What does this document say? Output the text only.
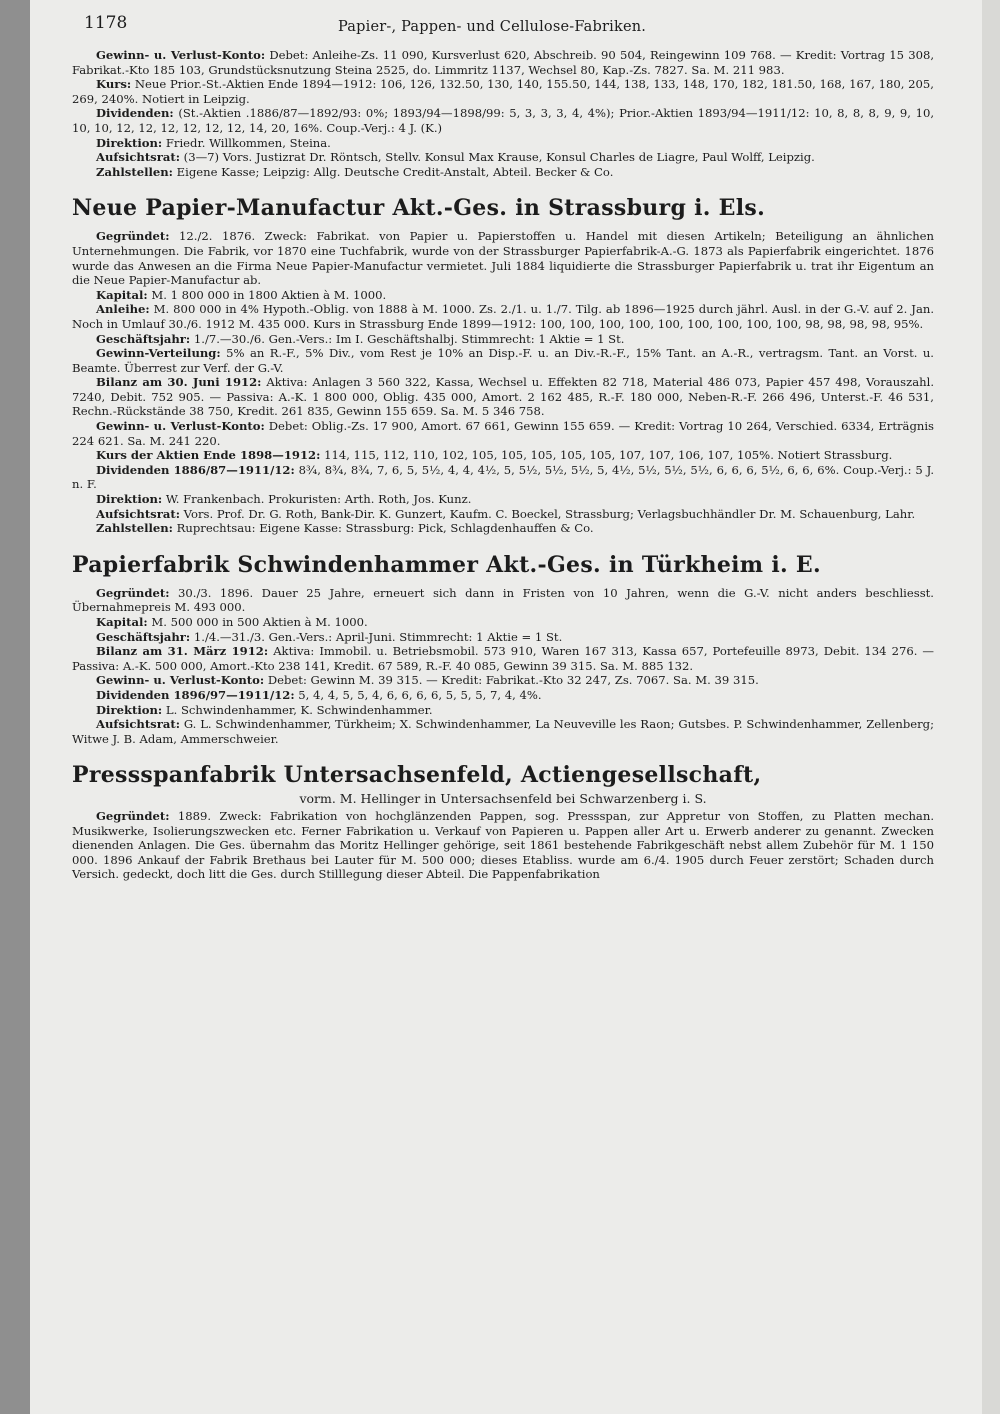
1178	Papier-, Pappen- und Cellulose-Fabriken.

Gewinn- u. Verlust-Konto: Debet: Anleihe-Zs. 11 090, Kursverlust 620, Abschreib. 90 504, Reingewinn 109 768. — Kredit: Vortrag 15 308, Fabrikat.-Kto 185 103, Grundstücksnutzung Steina 2525, do. Limmritz 1137, Wechsel 80, Kap.-Zs. 7827. Sa. M. 211 983.

Kurs: Neue Prior.-St.-Aktien Ende 1894—1912: 106, 126, 132.50, 130, 140, 155.50, 144, 138, 133, 148, 170, 182, 181.50, 168, 167, 180, 205, 269, 240%. Notiert in Leipzig.

Dividenden: (St.-Aktien .1886/87—1892/93: 0%; 1893/94—1898/99: 5, 3, 3, 3, 4, 4%); Prior.-Aktien 1893/94—1911/12: 10, 8, 8, 8, 9, 9, 10, 10, 10, 12, 12, 12, 12, 12, 12, 14, 20, 16%. Coup.-Verj.: 4 J. (K.)

Direktion: Friedr. Willkommen, Steina.

Aufsichtsrat: (3—7) Vors. Justizrat Dr. Röntsch, Stellv. Konsul Max Krause, Konsul Charles de Liagre, Paul Wolff, Leipzig.

Zahlstellen: Eigene Kasse; Leipzig: Allg. Deutsche Credit-Anstalt, Abteil. Becker & Co.

Neue Papier-Manufactur Akt.-Ges. in Strassburg i. Els.

Gegründet: 12./2. 1876. Zweck: Fabrikat. von Papier u. Papierstoffen u. Handel mit diesen Artikeln; Beteiligung an ähnlichen Unternehmungen. Die Fabrik, vor 1870 eine Tuchfabrik, wurde von der Strassburger Papierfabrik-A.-G. 1873 als Papierfabrik eingerichtet. 1876 wurde das Anwesen an die Firma Neue Papier-Manufactur vermietet. Juli 1884 liquidierte die Strassburger Papierfabrik u. trat ihr Eigentum an die Neue Papier-Manufactur ab.

Kapital: M. 1 800 000 in 1800 Aktien à M. 1000.

Anleihe: M. 800 000 in 4% Hypoth.-Oblig. von 1888 à M. 1000. Zs. 2./1. u. 1./7. Tilg. ab 1896—1925 durch jährl. Ausl. in der G.-V. auf 2. Jan. Noch in Umlauf 30./6. 1912 M. 435 000. Kurs in Strassburg Ende 1899—1912: 100, 100, 100, 100, 100, 100, 100, 100, 100, 98, 98, 98, 98, 95%.

Geschäftsjahr: 1./7.—30./6. Gen.-Vers.: Im I. Geschäftshalbj. Stimmrecht: 1 Aktie = 1 St.

Gewinn-Verteilung: 5% an R.-F., 5% Div., vom Rest je 10% an Disp.-F. u. an Div.-R.-F., 15% Tant. an A.-R., vertragsm. Tant. an Vorst. u. Beamte. Überrest zur Verf. der G.-V.

Bilanz am 30. Juni 1912: Aktiva: Anlagen 3 560 322, Kassa, Wechsel u. Effekten 82 718, Material 486 073, Papier 457 498, Vorauszahl. 7240, Debit. 752 905. — Passiva: A.-K. 1 800 000, Oblig. 435 000, Amort. 2 162 485, R.-F. 180 000, Neben-R.-F. 266 496, Unterst.-F. 46 531, Rechn.-Rückstände 38 750, Kredit. 261 835, Gewinn 155 659. Sa. M. 5 346 758.

Gewinn- u. Verlust-Konto: Debet: Oblig.-Zs. 17 900, Amort. 67 661, Gewinn 155 659. — Kredit: Vortrag 10 264, Verschied. 6334, Erträgnis 224 621. Sa. M. 241 220.

Kurs der Aktien Ende 1898—1912: 114, 115, 112, 110, 102, 105, 105, 105, 105, 105, 107, 107, 106, 107, 105%. Notiert Strassburg.

Dividenden 1886/87—1911/12: 8¾, 8¾, 8¾, 7, 6, 5, 5½, 4, 4, 4½, 5, 5½, 5½, 5½, 5, 4½, 5½, 5½, 5½, 6, 6, 6, 5½, 6, 6, 6%. Coup.-Verj.: 5 J. n. F.

Direktion: W. Frankenbach. Prokuristen: Arth. Roth, Jos. Kunz.

Aufsichtsrat: Vors. Prof. Dr. G. Roth, Bank-Dir. K. Gunzert, Kaufm. C. Boeckel, Strassburg; Verlagsbuchhändler Dr. M. Schauenburg, Lahr.

Zahlstellen: Ruprechtsau: Eigene Kasse: Strassburg: Pick, Schlagdenhauffen & Co.

Papierfabrik Schwindenhammer Akt.-Ges. in Türkheim i. E.

Gegründet: 30./3. 1896. Dauer 25 Jahre, erneuert sich dann in Fristen von 10 Jahren, wenn die G.-V. nicht anders beschliesst. Übernahmepreis M. 493 000.

Kapital: M. 500 000 in 500 Aktien à M. 1000.

Geschäftsjahr: 1./4.—31./3. Gen.-Vers.: April-Juni. Stimmrecht: 1 Aktie = 1 St.

Bilanz am 31. März 1912: Aktiva: Immobil. u. Betriebsmobil. 573 910, Waren 167 313, Kassa 657, Portefeuille 8973, Debit. 134 276. — Passiva: A.-K. 500 000, Amort.-Kto 238 141, Kredit. 67 589, R.-F. 40 085, Gewinn 39 315. Sa. M. 885 132.

Gewinn- u. Verlust-Konto: Debet: Gewinn M. 39 315. — Kredit: Fabrikat.-Kto 32 247, Zs. 7067. Sa. M. 39 315.

Dividenden 1896/97—1911/12: 5, 4, 4, 5, 5, 4, 6, 6, 6, 6, 5, 5, 5, 7, 4, 4%.

Direktion: L. Schwindenhammer, K. Schwindenhammer.

Aufsichtsrat: G. L. Schwindenhammer, Türkheim; X. Schwindenhammer, La Neuveville les Raon; Gutsbes. P. Schwindenhammer, Zellenberg; Witwe J. B. Adam, Ammerschweier.

Pressspanfabrik Untersachsenfeld, Actiengesellschaft,
vorm. M. Hellinger in Untersachsenfeld bei Schwarzenberg i. S.

Gegründet: 1889. Zweck: Fabrikation von hochglänzenden Pappen, sog. Pressspan, zur Appretur von Stoffen, zu Platten mechan. Musikwerke, Isolierungszwecken etc. Ferner Fabrikation u. Verkauf von Papieren u. Pappen aller Art u. Erwerb anderer zu genannt. Zwecken dienenden Anlagen. Die Ges. übernahm das Moritz Hellinger gehörige, seit 1861 bestehende Fabrikgeschäft nebst allem Zubehör für M. 1 150 000. 1896 Ankauf der Fabrik Brethaus bei Lauter für M. 500 000; dieses Etabliss. wurde am 6./4. 1905 durch Feuer zerstört; Schaden durch Versich. gedeckt, doch litt die Ges. durch Stilllegung dieser Abteil. Die Pappenfabrikation
